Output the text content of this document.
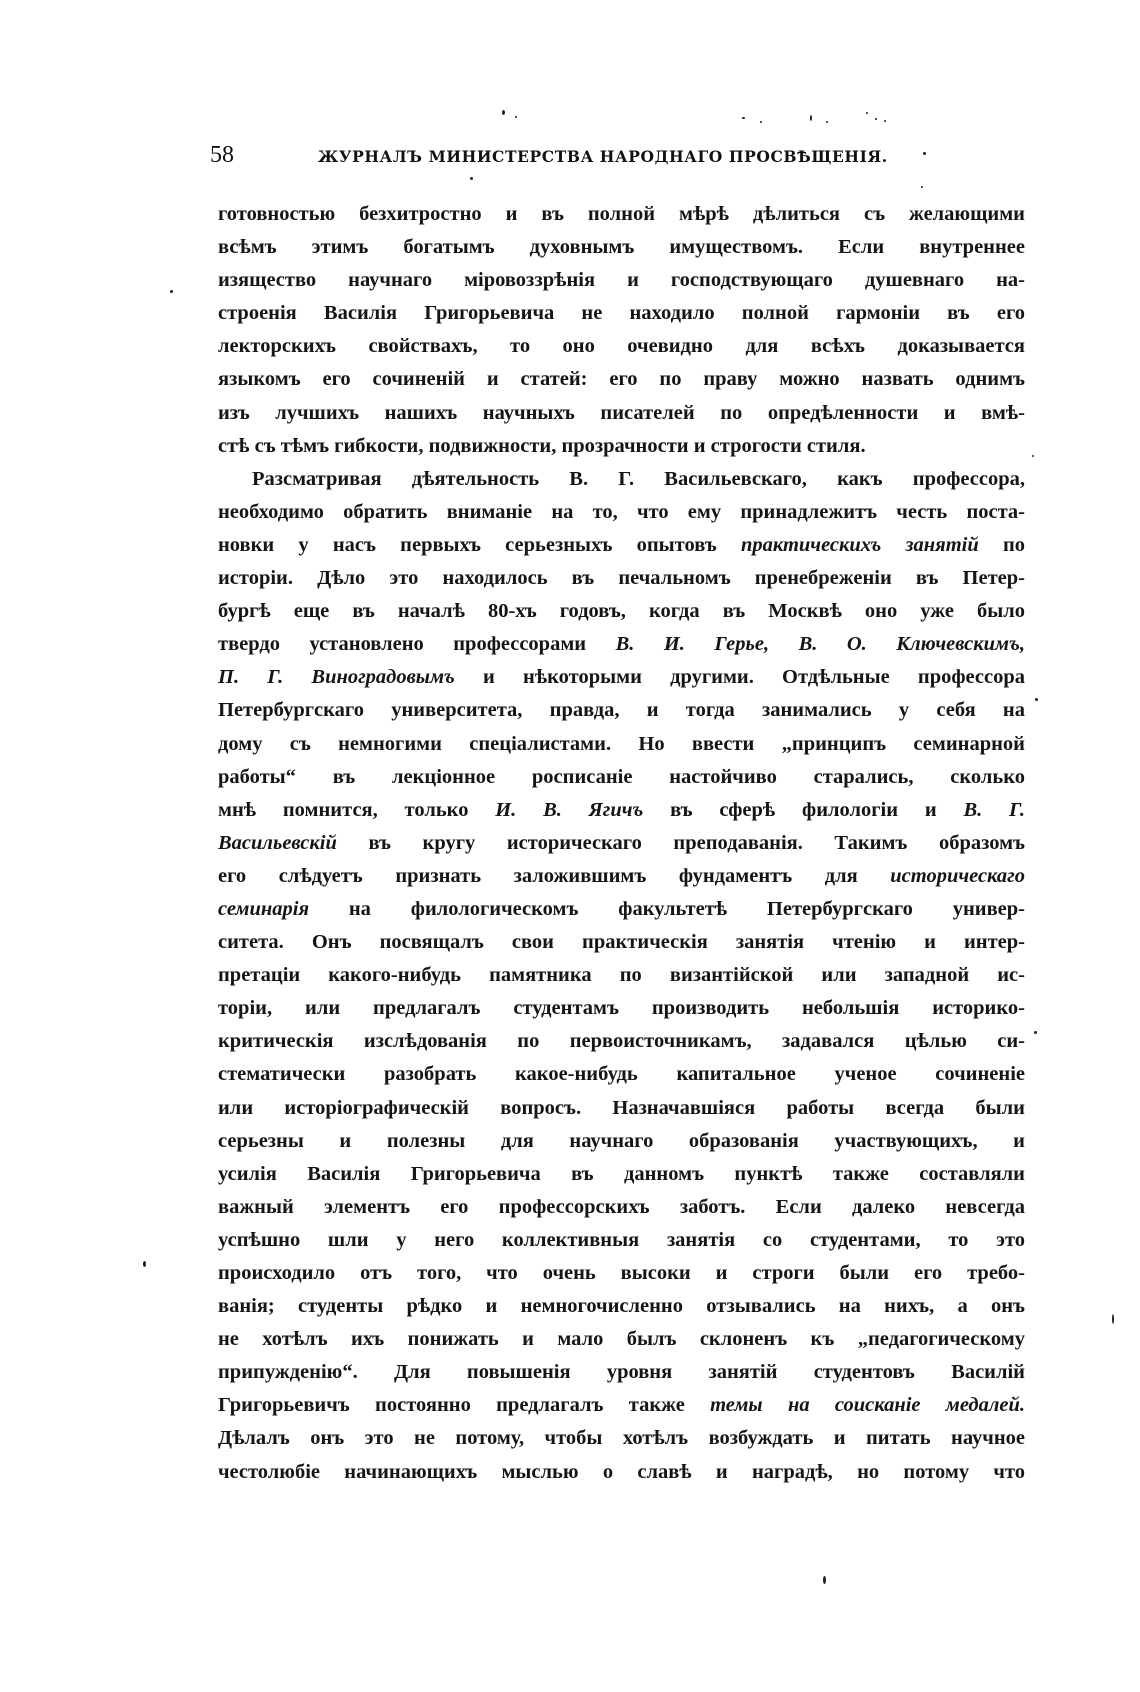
58	ЖУРНАЛЪ МИНИСТЕРСТВА НАРОДНАГО ПРОСВѢЩЕНІЯ.
готовностью безхитростно и въ полной мѣрѣ дѣлиться съ желающими
всѣмъ этимъ богатымъ духовнымъ имуществомъ. Если внутреннее
изящество научнаго міровоззрѣнія и господствующаго душевнаго на-
строенія Василія Григорьевича не находило полной гармоніи въ его
лекторскихъ свойствахъ, то оно очевидно для всѣхъ доказывается
языкомъ его сочиненій и статей: его по праву можно назвать однимъ
изъ лучшихъ нашихъ научныхъ писателей по опредѣленности и вмѣ-
стѣ съ тѣмъ гибкости, подвижности, прозрачности и строгости стиля.
Разсматривая дѣятельность В. Г. Васильевскаго, какъ профессора,
необходимо обратить вниманіе на то, что ему принадлежитъ честь поста-
новки у насъ первыхъ серьезныхъ опытовъ практическихъ занятій по
исторіи. Дѣло это находилось въ печальномъ пренебреженіи въ Петер-
бургѣ еще въ началѣ 80-хъ годовъ, когда въ Москвѣ оно уже было
твердо установлено профессорами В. И. Герье, В. О. Ключевскимъ,
П. Г. Виноградовымъ и нѣкоторыми другими. Отдѣльные профессора
Петербургскаго университета, правда, и тогда занимались у себя на
дому съ немногими спеціалистами. Но ввести „принципъ семинарной
работы“ въ лекціонное росписаніе настойчиво старались, сколько
мнѣ помнится, только И. В. Ягичъ въ сферѣ филологіи и В. Г.
Васильевскій въ кругу историческаго преподаванія. Такимъ образомъ
его слѣдуетъ признать заложившимъ фундаментъ для историческаго
семинарія на филологическомъ факультетѣ Петербургскаго универ-
ситета. Онъ посвящалъ свои практическія занятія чтенію и интер-
претаціи какого-нибудь памятника по византійской или западной ис-
торіи, или предлагалъ студентамъ производить небольшія историко-
критическія изслѣдованія по первоисточникамъ, задавался цѣлью си-
стематически разобрать какое-нибудь капитальное ученое сочиненіе
или исторіографическій вопросъ. Назначавшіяся работы всегда были
серьезны и полезны для научнаго образованія участвующихъ, и
усилія Василія Григорьевича въ данномъ пунктѣ также составляли
важный элементъ его профессорскихъ заботъ. Если далеко невсегда
успѣшно шли у него коллективныя занятія со студентами, то это
происходило отъ того, что очень высоки и строги были его требо-
ванія; студенты рѣдко и немногочисленно отзывались на нихъ, а онъ
не хотѣлъ ихъ понижать и мало былъ склоненъ къ „педагогическому
припужденію“. Для повышенія уровня занятій студентовъ Василій
Григорьевичъ постоянно предлагалъ также темы на соисканіе медалей.
Дѣлалъ онъ это не потому, чтобы хотѣлъ возбуждать и питать научное
честолюбіе начинающихъ мыслью о славѣ и наградѣ, но потому что
